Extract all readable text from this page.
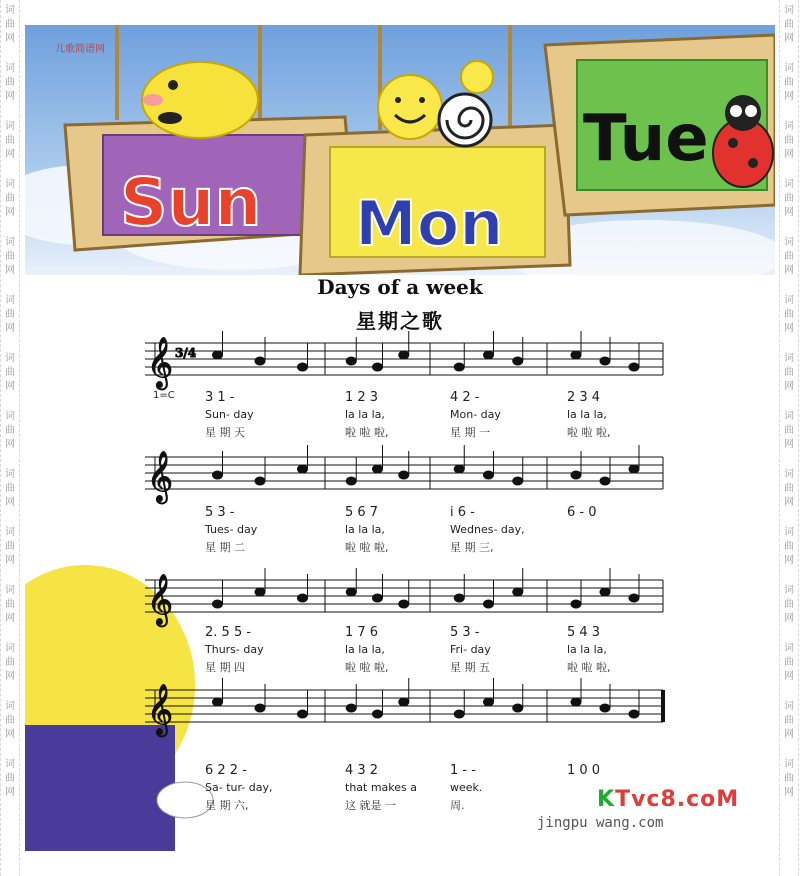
词曲网
词曲网
词曲网
词曲网
词曲网
词曲网
词曲网
词曲网
词曲网
词曲网
词曲网
词曲网
词曲网
词曲网
词曲网
词曲网
词曲网
词曲网
词曲网
词曲网
词曲网
词曲网
词曲网
词曲网
词曲网
词曲网
词曲网
词曲网
Sun Mon
Tue
儿歌简谱网
Days of a week
星期之歌
𝄞
𝄞
𝄞
𝄞
3/4
KTvc8.coM
jingpu wang.com
3 1 -	1 2 3	4 2 -	2 3 4
Sun- day	la la la,	Mon- day	la la la,
星 期 天	啦 啦 啦,	星 期 一	啦 啦 啦,
5 3 -	5 6 7	i 6 -	6 - 0
Tues- day	la la la,	Wednes- day,
星 期 二	啦 啦 啦,	星 期 三,
2. 5 5 -	1 7 6	5 3 -	5 4 3
Thurs- day	la la la,	Fri- day	la la la,
星 期 四	啦 啦 啦,	星 期 五	啦 啦 啦,
6 2 2 -	4 3 2	1 - -	1 0 0
Sa- tur- day,	that makes a	week.
星 期 六,	这 就是 一	周.
1=C
